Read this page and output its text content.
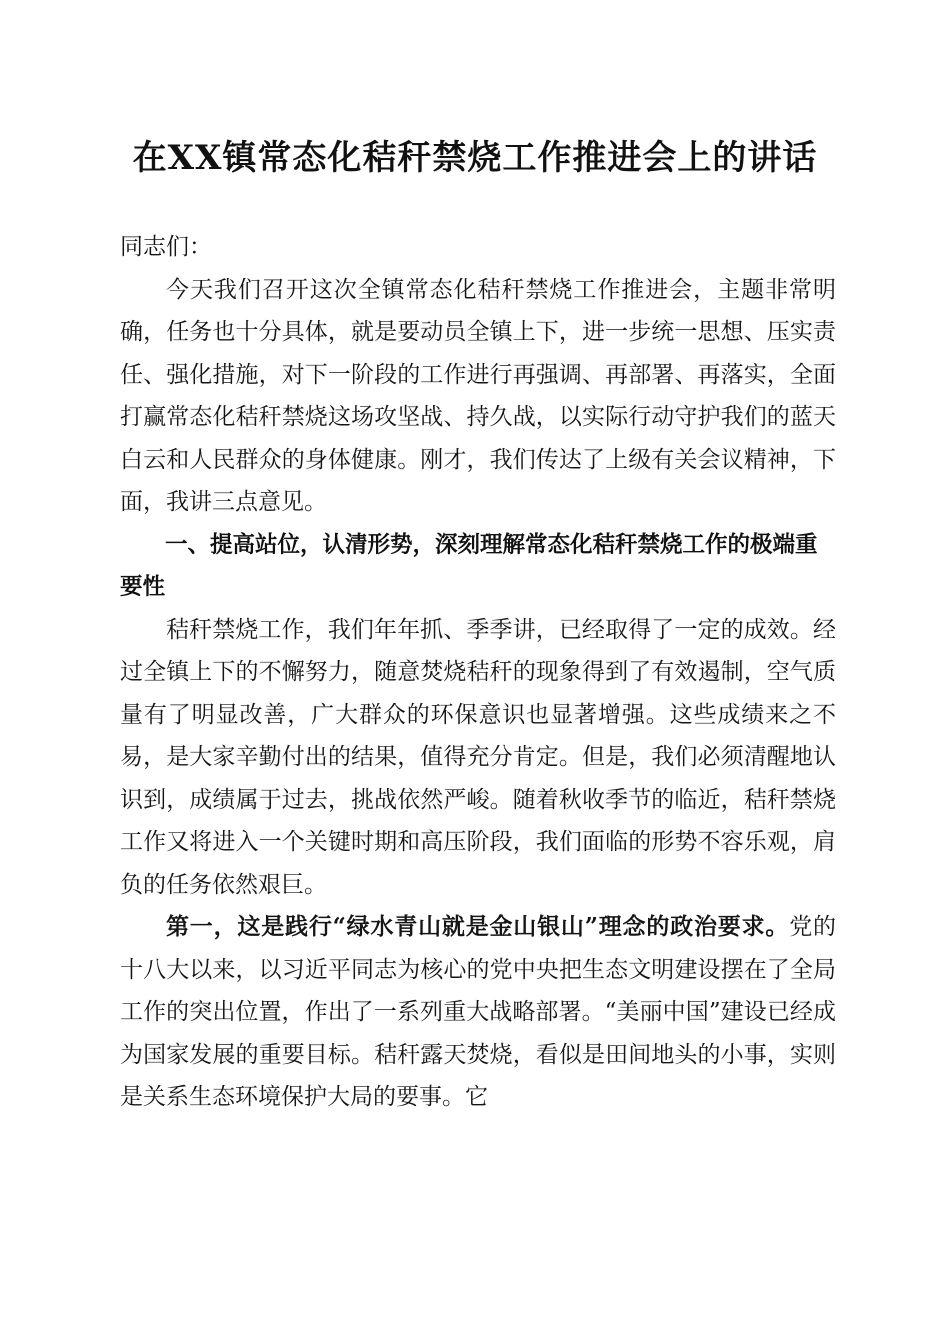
在XX镇常态化秸秆禁烧工作推进会上的讲话

同志们：

今天我们召开这次全镇常态化秸秆禁烧工作推进会，主题非常明确，任务也十分具体，就是要动员全镇上下，进一步统一思想、压实责任、强化措施，对下一阶段的工作进行再强调、再部署、再落实，全面打赢常态化秸秆禁烧这场攻坚战、持久战，以实际行动守护我们的蓝天白云和人民群众的身体健康。刚才，我们传达了上级有关会议精神，下面，我讲三点意见。

一、提高站位，认清形势，深刻理解常态化秸秆禁烧工作的极端重要性

秸秆禁烧工作，我们年年抓、季季讲，已经取得了一定的成效。经过全镇上下的不懈努力，随意焚烧秸秆的现象得到了有效遏制，空气质量有了明显改善，广大群众的环保意识也显著增强。这些成绩来之不易，是大家辛勤付出的结果，值得充分肯定。但是，我们必须清醒地认识到，成绩属于过去，挑战依然严峻。随着秋收季节的临近，秸秆禁烧工作又将进入一个关键时期和高压阶段，我们面临的形势不容乐观，肩负的任务依然艰巨。

第一，这是践行“绿水青山就是金山银山”理念的政治要求。党的十八大以来，以习近平同志为核心的党中央把生态文明建设摆在了全局工作的突出位置，作出了一系列重大战略部署。“美丽中国”建设已经成为国家发展的重要目标。秸秆露天焚烧，看似是田间地头的小事，实则是关系生态环境保护大局的要事。它
